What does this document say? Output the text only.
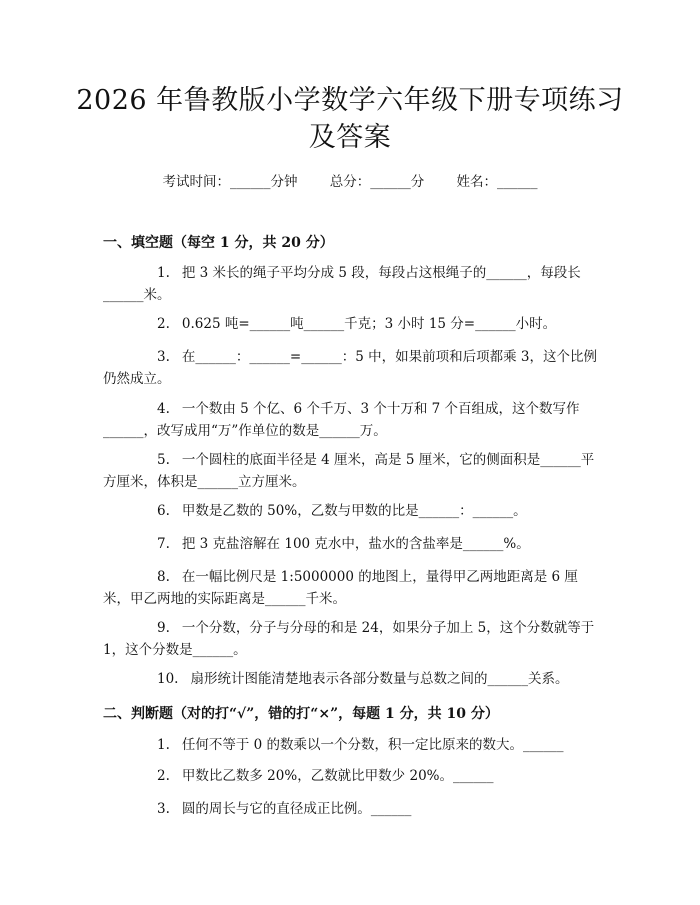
2026 年鲁教版小学数学六年级下册专项练习
及答案
考试时间：______分钟 总分：______分 姓名：______
一、填空题（每空 1 分，共 20 分）
1. 把 3 米长的绳子平均分成 5 段，每段占这根绳子的______，每段长______米。
2. 0.625 吨=______吨______千克；3 小时 15 分=______小时。
3. 在______：______=______：5 中，如果前项和后项都乘 3，这个比例仍然成立。
4. 一个数由 5 个亿、6 个千万、3 个十万和 7 个百组成，这个数写作______，改写成用“万”作单位的数是______万。
5. 一个圆柱的底面半径是 4 厘米，高是 5 厘米，它的侧面积是______平方厘米，体积是______立方厘米。
6. 甲数是乙数的 50%，乙数与甲数的比是______：______。
7. 把 3 克盐溶解在 100 克水中，盐水的含盐率是______%。
8. 在一幅比例尺是 1:5000000 的地图上，量得甲乙两地距离是 6 厘米，甲乙两地的实际距离是______千米。
9. 一个分数，分子与分母的和是 24，如果分子加上 5，这个分数就等于 1，这个分数是______。
10. 扇形统计图能清楚地表示各部分数量与总数之间的______关系。
二、判断题（对的打“√”，错的打“×”，每题 1 分，共 10 分）
1. 任何不等于 0 的数乘以一个分数，积一定比原来的数大。______
2. 甲数比乙数多 20%，乙数就比甲数少 20%。______
3. 圆的周长与它的直径成正比例。______
